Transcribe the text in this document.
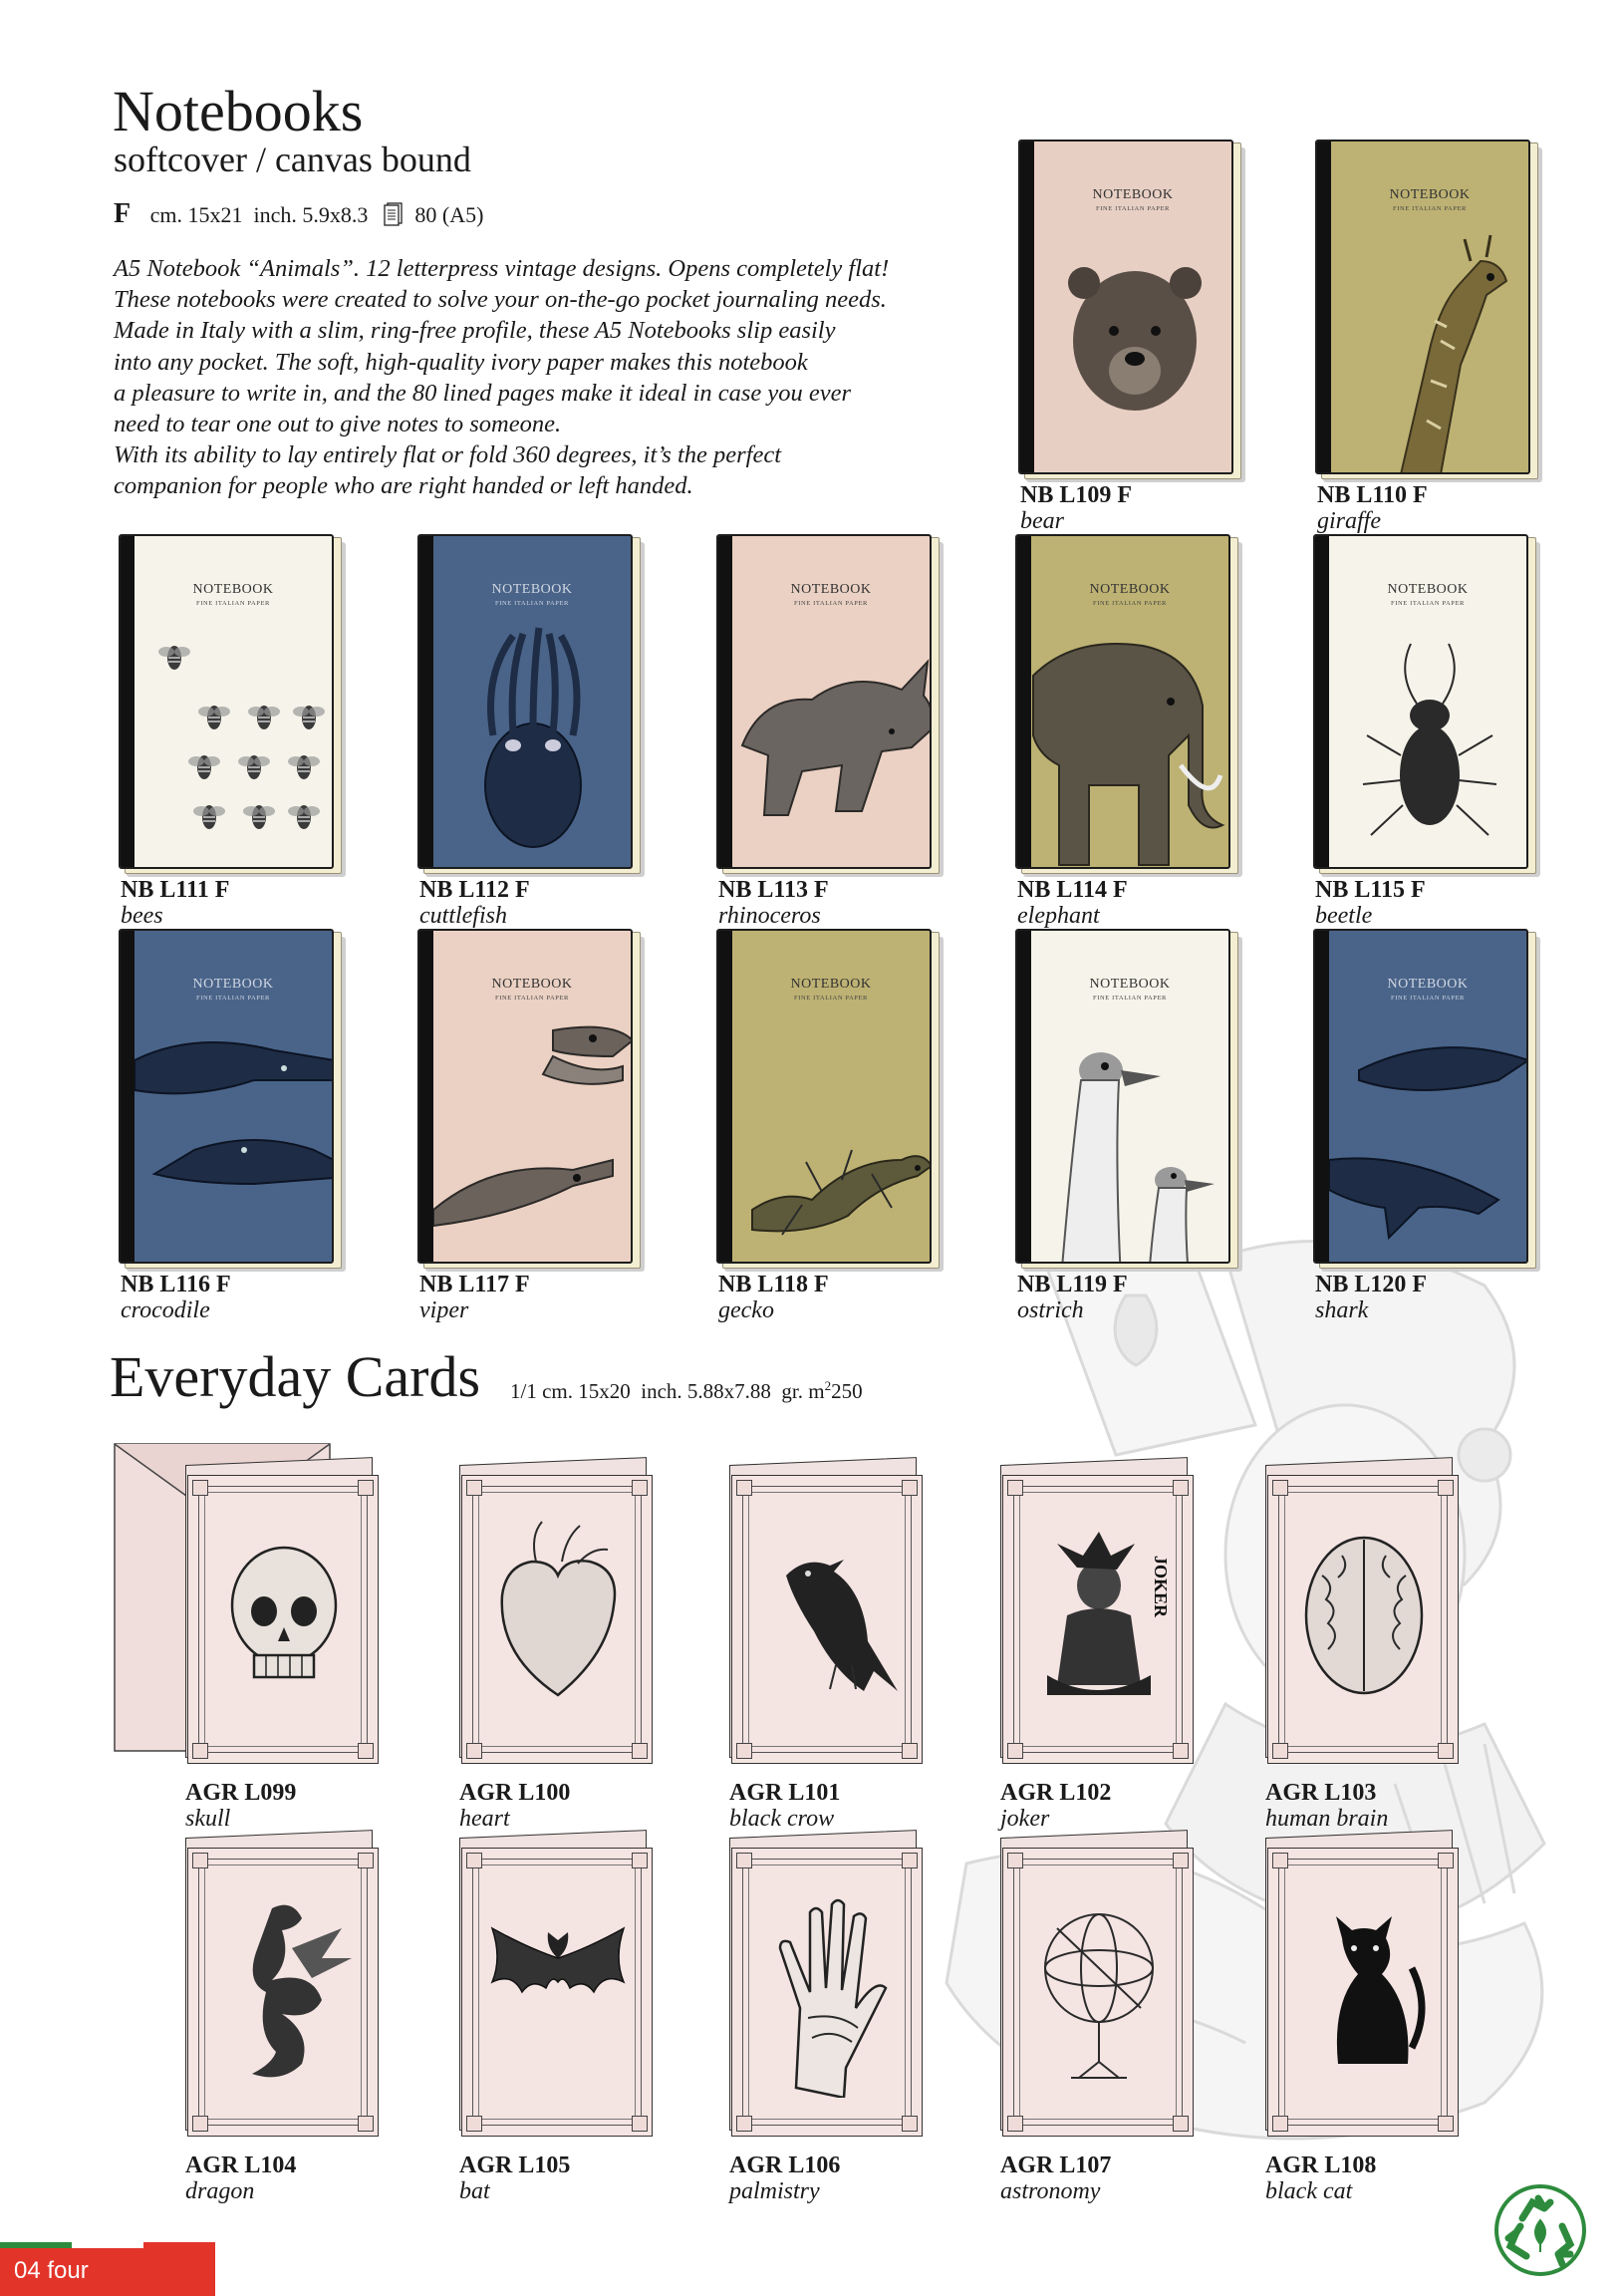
Notebooks
softcover / canvas bound
F cm. 15x21 inch. 5.9x8.3 80 (A5)

A5 Notebook “Animals”. 12 letterpress vintage designs. Opens completely flat!

These notebooks were created to solve your on-the-go pocket journaling needs.

Made in Italy with a slim, ring-free profile, these A5 Notebooks slip easily

into any pocket. The soft, high-quality ivory paper makes this notebook

a pleasure to write in, and the 80 lined pages make it ideal in case you ever

need to tear one out to give notes to someone.

With its ability to lay entirely flat or fold 360 degrees, it’s the perfect

companion for people who are right handed or left handed.

NOTEBOOK
FINE ITALIAN PAPER
NB L109 F
bear
NOTEBOOK
FINE ITALIAN PAPER
NB L110 F
giraffe
NOTEBOOK
FINE ITALIAN PAPER
NB L111 F
bees
NOTEBOOK
FINE ITALIAN PAPER
NB L112 F
cuttlefish
NOTEBOOK
FINE ITALIAN PAPER
NB L113 F
rhinoceros
NOTEBOOK
FINE ITALIAN PAPER
NB L114 F
elephant
NOTEBOOK
FINE ITALIAN PAPER
NB L115 F
beetle
NOTEBOOK
FINE ITALIAN PAPER
NB L116 F
crocodile
NOTEBOOK
FINE ITALIAN PAPER
NB L117 F
viper
NOTEBOOK
FINE ITALIAN PAPER
NB L118 F
gecko
NOTEBOOK
FINE ITALIAN PAPER
NB L119 F
ostrich
NOTEBOOK
FINE ITALIAN PAPER
NB L120 F
shark
Everyday Cards 1/1 cm. 15x20 inch. 5.88x7.88 gr. $m^2250$
AGR L099
skull
AGR L100
heart
AGR L101
black crow
JOKER
AGR L102
joker
AGR L103
human brain
AGR L104
dragon
AGR L105
bat
AGR L106
palmistry
AGR L107
astronomy
AGR L108
black cat
04 four
